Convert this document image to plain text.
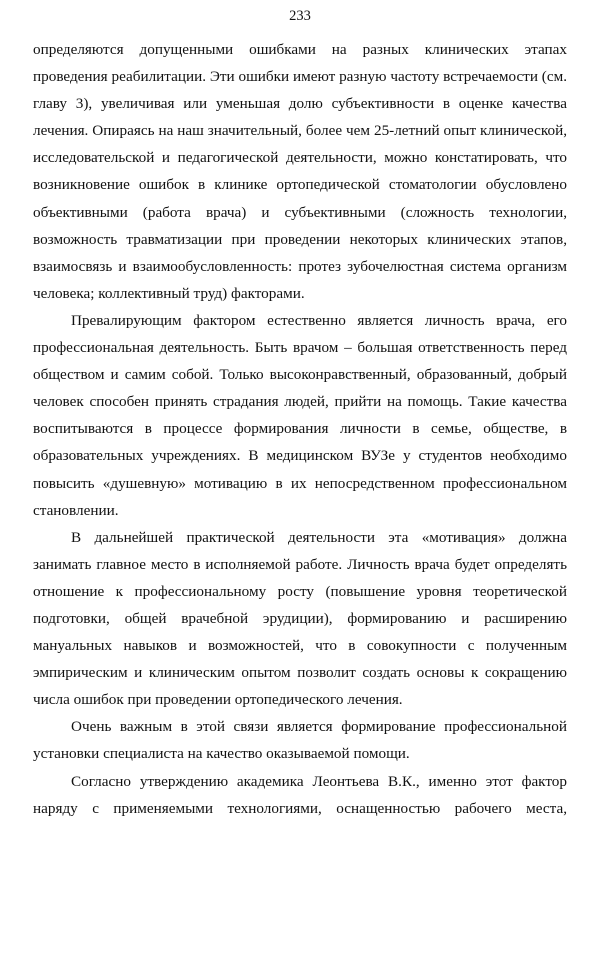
233

определяются допущенными ошибками на разных клинических этапах проведения реабилитации. Эти ошибки имеют разную частоту встречаемости (см. главу 3), увеличивая или уменьшая долю субъективности в оценке качества лечения. Опираясь на наш значительный, более чем 25-летний опыт клинической, исследовательской и педагогической деятельности, можно констатировать, что возникновение ошибок в клинике ортопедической стоматологии обусловлено объективными (работа врача) и субъективными (сложность технологии, возможность травматизации при проведении некоторых клинических этапов, взаимосвязь и взаимообусловленность: протез зубочелюстная система организм человека; коллективный труд) факторами.

Превалирующим фактором естественно является личность врача, его профессиональная деятельность. Быть врачом – большая ответственность перед обществом и самим собой. Только высоконравственный, образованный, добрый человек способен принять страдания людей, прийти на помощь. Такие качества воспитываются в процессе формирования личности в семье, обществе, в образовательных учреждениях. В медицинском ВУЗе у студентов необходимо повысить «душевную» мотивацию в их непосредственном профессиональном становлении.

В дальнейшей практической деятельности эта «мотивация» должна занимать главное место в исполняемой работе. Личность врача будет определять отношение к профессиональному росту (повышение уровня теоретической подготовки, общей врачебной эрудиции), формированию и расширению мануальных навыков и возможностей, что в совокупности с полученным эмпирическим и клиническим опытом позволит создать основы к сокращению числа ошибок при проведении ортопедического лечения.

Очень важным в этой связи является формирование профессиональной установки специалиста на качество оказываемой помощи.

Согласно утверждению академика Леонтьева В.К., именно этот фактор наряду с применяемыми технологиями, оснащенностью рабочего места,
